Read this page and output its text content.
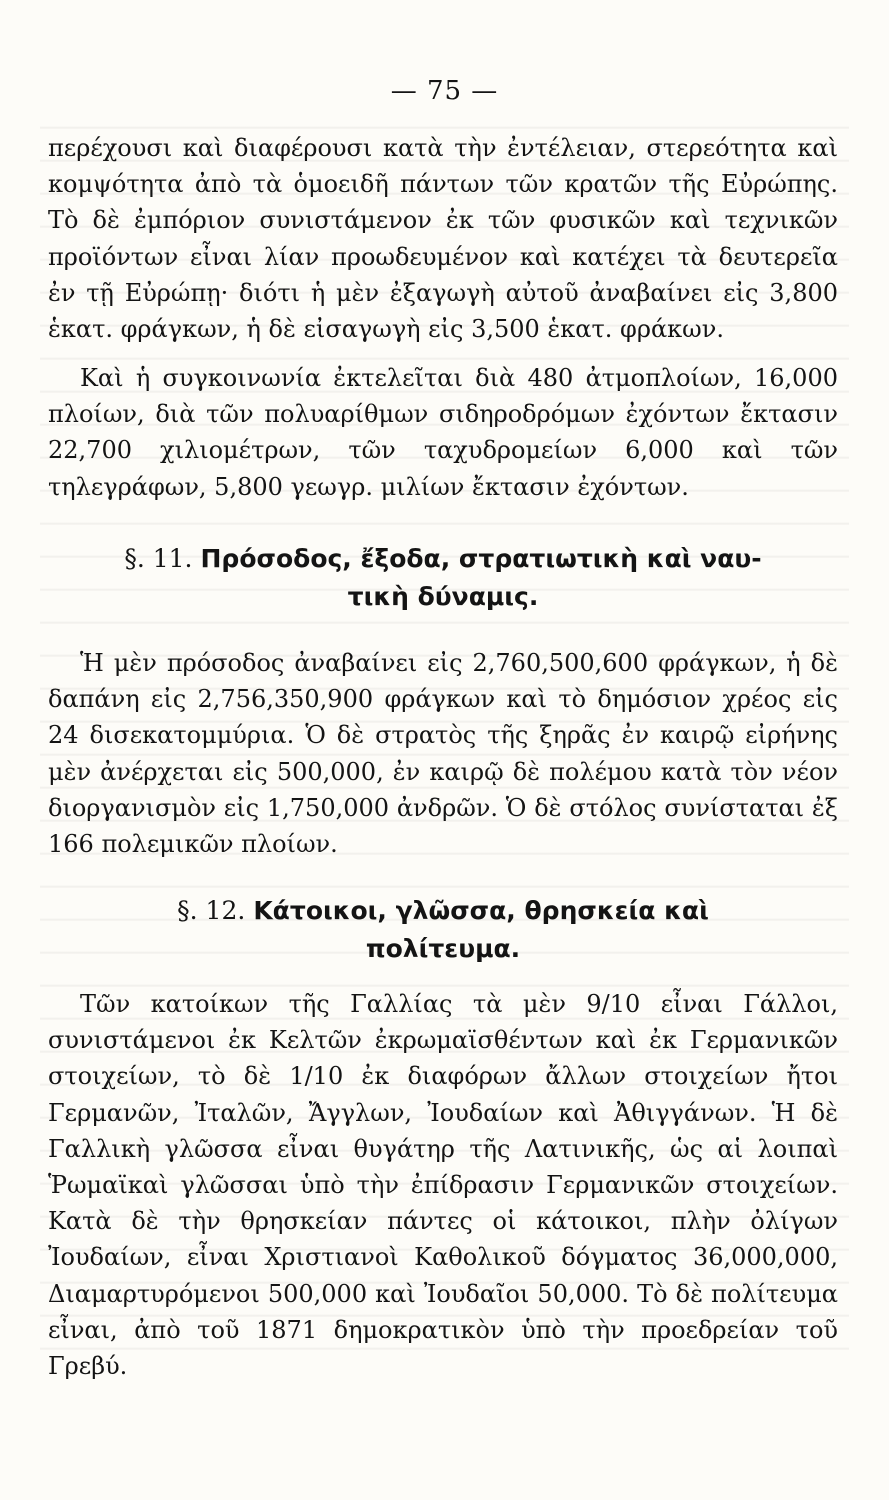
— 75 —
περέχουσι καὶ διαφέρουσι κατὰ τὴν ἐντέλειαν, στερεότητα καὶ κομψότητα ἀπὸ τὰ ὁμοειδῆ πάντων τῶν κρατῶν τῆς Εὐρώπης. Τὸ δὲ ἐμπόριον συνιστάμενον ἐκ τῶν φυσικῶν καὶ τεχνικῶν προϊόντων εἶναι λίαν προωδευμένον καὶ κατέχει τὰ δευτερεῖα ἐν τῇ Εὐρώπῃ· διότι ἡ μὲν ἐξαγωγὴ αὐτοῦ ἀναβαίνει εἰς 3,800 ἑκατ. φράγκων, ἡ δὲ εἰσαγωγὴ εἰς 3,500 ἑκατ. φράκων.
Καὶ ἡ συγκοινωνία ἐκτελεῖται διὰ 480 ἀτμοπλοίων, 16,000 πλοίων, διὰ τῶν πολυαρίθμων σιδηροδρόμων ἐχόντων ἔκτασιν 22,700 χιλιομέτρων, τῶν ταχυδρομείων 6,000 καὶ τῶν τηλεγράφων, 5,800 γεωγρ. μιλίων ἔκτασιν ἐχόντων.
§. 11. Πρόσοδος, ἔξοδα, στρατιωτικὴ καὶ ναυ-
τικὴ δύναμις.
Ἡ μὲν πρόσοδος ἀναβαίνει εἰς 2,760,500,600 φράγκων, ἡ δὲ δαπάνη εἰς 2,756,350,900 φράγκων καὶ τὸ δημόσιον χρέος εἰς 24 δισεκατομμύρια. Ὁ δὲ στρατὸς τῆς ξηρᾶς ἐν καιρῷ εἰρήνης μὲν ἀνέρχεται εἰς 500,000, ἐν καιρῷ δὲ πολέμου κατὰ τὸν νέον διοργανισμὸν εἰς 1,750,000 ἀνδρῶν. Ὁ δὲ στόλος συνίσταται ἐξ 166 πολεμικῶν πλοίων.
§. 12. Κάτοικοι, γλῶσσα, θρησκεία καὶ
πολίτευμα.
Τῶν κατοίκων τῆς Γαλλίας τὰ μὲν 9/10 εἶναι Γάλλοι, συνιστάμενοι ἐκ Κελτῶν ἐκρωμαϊσθέντων καὶ ἐκ Γερμανικῶν στοιχείων, τὸ δὲ 1/10 ἐκ διαφόρων ἄλλων στοιχείων ἤτοι Γερμανῶν, Ἰταλῶν, Ἄγγλων, Ἰουδαίων καὶ Ἀθιγγάνων. Ἡ δὲ Γαλλικὴ γλῶσσα εἶναι θυγάτηρ τῆς Λατινικῆς, ὡς αἱ λοιπαὶ Ῥωμαϊκαὶ γλῶσσαι ὑπὸ τὴν ἐπίδρασιν Γερμανικῶν στοιχείων. Κατὰ δὲ τὴν θρησκείαν πάντες οἱ κάτοικοι, πλὴν ὀλίγων Ἰουδαίων, εἶναι Χριστιανοὶ Καθολικοῦ δόγματος 36,000,000, Διαμαρτυρόμενοι 500,000 καὶ Ἰουδαῖοι 50,000. Τὸ δὲ πολίτευμα εἶναι, ἀπὸ τοῦ 1871 δημοκρατικὸν ὑπὸ τὴν προεδρείαν τοῦ Γρεβύ.
